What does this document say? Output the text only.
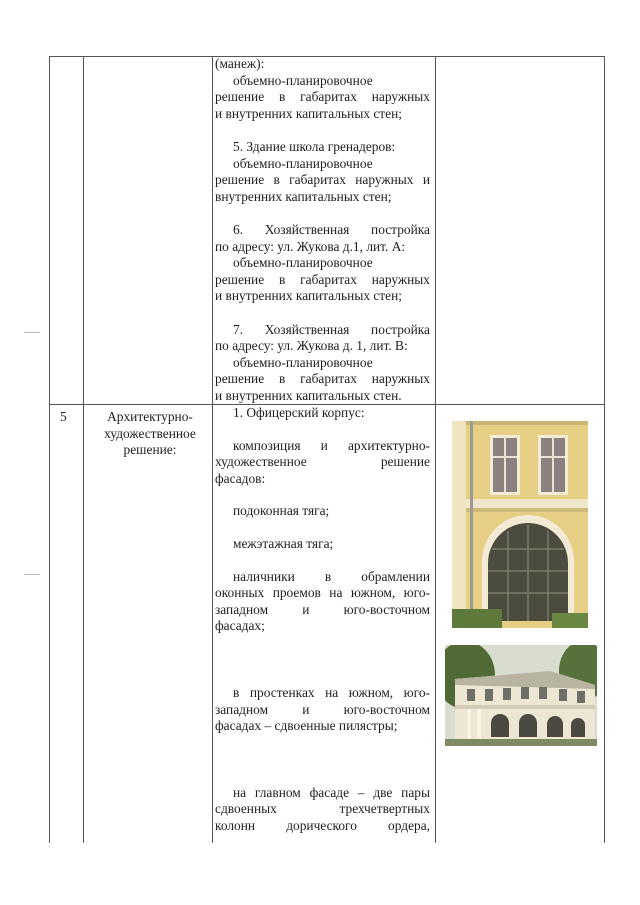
(манеж):

объемно-планировочное

решение в габаритах наружных

и внутренних капитальных стен;

5. Здание школа гренадеров:

объемно-планировочное

решение в габаритах наружных и

внутренних капитальных стен;

6. Хозяйственная постройка

по адресу: ул. Жукова д.1, лит. А:

объемно-планировочное

решение в габаритах наружных

и внутренних капитальных стен;

7. Хозяйственная постройка

по адресу: ул. Жукова д. 1, лит. В:

объемно-планировочное

решение в габаритах наружных

и внутренних капитальных стен.

5	Архитектурно-художественное решение:

1. Офицерский корпус:

композиция и архитектурно-

художественное решение

фасадов:

подоконная тяга;

межэтажная тяга;

наличники в обрамлении

оконных проемов на южном, юго-

западном и юго-восточном

фасадах;

в простенках на южном, юго-

западном и юго-восточном

фасадах – сдвоенные пилястры;

на главном фасаде – две пары

сдвоенных трехчетвертных

колонн дорического ордера,
